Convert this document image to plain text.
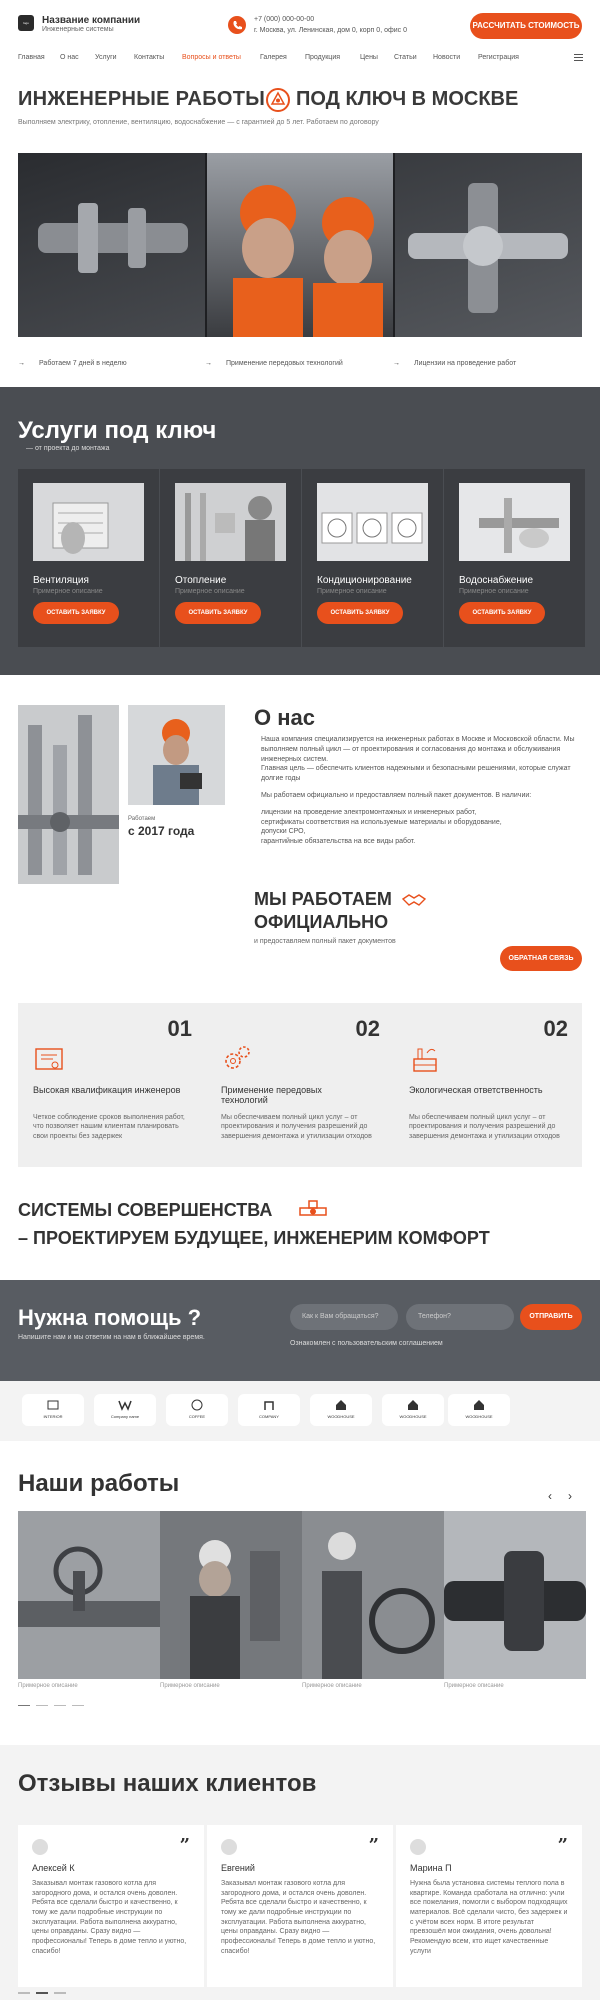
logo	Название компании
Инженерные системы
+7 (000) 000-00-00
г. Москва, ул. Ленинская, дом 0, корп 0, офис 0
РАССЧИТАТЬ СТОИМОСТЬ
Главная О нас Услуги Контакты	Вопросы и ответы	Галерея	Продукция	Цены Статьи Новости	Регистрация
ИНЖЕНЕРНЫЕ РАБОТЫ ПОД КЛЮЧ В МОСКВЕ
Выполняем электрику, отопление, вентиляцию, водоснабжение — с гарантией до 5 лет. Работаем по договору
→ Работаем 7 дней в неделю	→ Применение передовых технологий	→ Лицензии на проведение работ
Услуги под ключ
— от проекта до монтажа
Вентиляция
Примерное описание
ОСТАВИТЬ ЗАЯВКУ
Отопление
Примерное описание
ОСТАВИТЬ ЗАЯВКУ
Кондиционирование
Примерное описание
ОСТАВИТЬ ЗАЯВКУ
Водоснабжение
Примерное описание
ОСТАВИТЬ ЗАЯВКУ
Работаем
с 2017 года
О нас

Наша компания специализируется на инженерных работах в Москве и Московской области. Мы выполняем полный цикл — от проектирования и согласования до монтажа и обслуживания инженерных систем.
Главная цель — обеспечить клиентов надежными и безопасными решениями, которые служат долгие годы

Мы работаем официально и предоставляем полный пакет документов. В наличии:

лицензии на проведение электромонтажных и инженерных работ,
сертификаты соответствия на используемые материалы и оборудование,
допуски СРО,
гарантийные обязательства на все виды работ.

МЫ РАБОТАЕМ
ОФИЦИАЛЬНО
и предоставляем полный пакет документов
ОБРАТНАЯ СВЯЗЬ
01
Высокая квалификация инженеров
Четкое соблюдение сроков выполнения работ, что позволяет нашим клиентам планировать свои проекты без задержек
02
Применение передовых технологий
Мы обеспечиваем полный цикл услуг – от проектирования и получения разрешений до завершения демонтажа и утилизации отходов
02
Экологическая ответственность
Мы обеспечиваем полный цикл услуг – от проектирования и получения разрешений до завершения демонтажа и утилизации отходов
СИСТЕМЫ СОВЕРШЕНСТВА
– ПРОЕКТИРУЕМ БУДУЩЕЕ, ИНЖЕНЕРИМ КОМФОРТ
Нужна помощь ?
Напишите нам и мы ответим на нам в ближайшее время.
Как к Вам обращаться?	Телефон?	ОТПРАВИТЬ
Ознакомлен с пользовательским соглашением
INTERIOR	Company name	COFFEE	COMPANY	WOODHOUSE	WOODHOUSE	WOODHOUSE
Наши работы	‹ ›
Примерное описание	Примерное описание	Примерное описание	Примерное описание
Отзывы наших клиентов
”
Алексей К
Заказывал монтаж газового котла для загородного дома, и остался очень доволен. Ребята все сделали быстро и качественно, к тому же дали подробные инструкции по эксплуатации. Работа выполнена аккуратно, цены оправданы. Сразу видно — профессионалы! Теперь в доме тепло и уютно, спасибо!
”
Евгений
Заказывал монтаж газового котла для загородного дома, и остался очень доволен. Ребята все сделали быстро и качественно, к тому же дали подробные инструкции по эксплуатации. Работа выполнена аккуратно, цены оправданы. Сразу видно — профессионалы! Теперь в доме тепло и уютно, спасибо!
”
Марина П
Нужна была установка системы теплого пола в квартире. Команда сработала на отлично: учли все пожелания, помогли с выбором подходящих материалов. Всё сделали чисто, без задержек и с учётом всех норм. В итоге результат превзошёл мои ожидания, очень довольна! Рекомендую всем, кто ищет качественные услуги
